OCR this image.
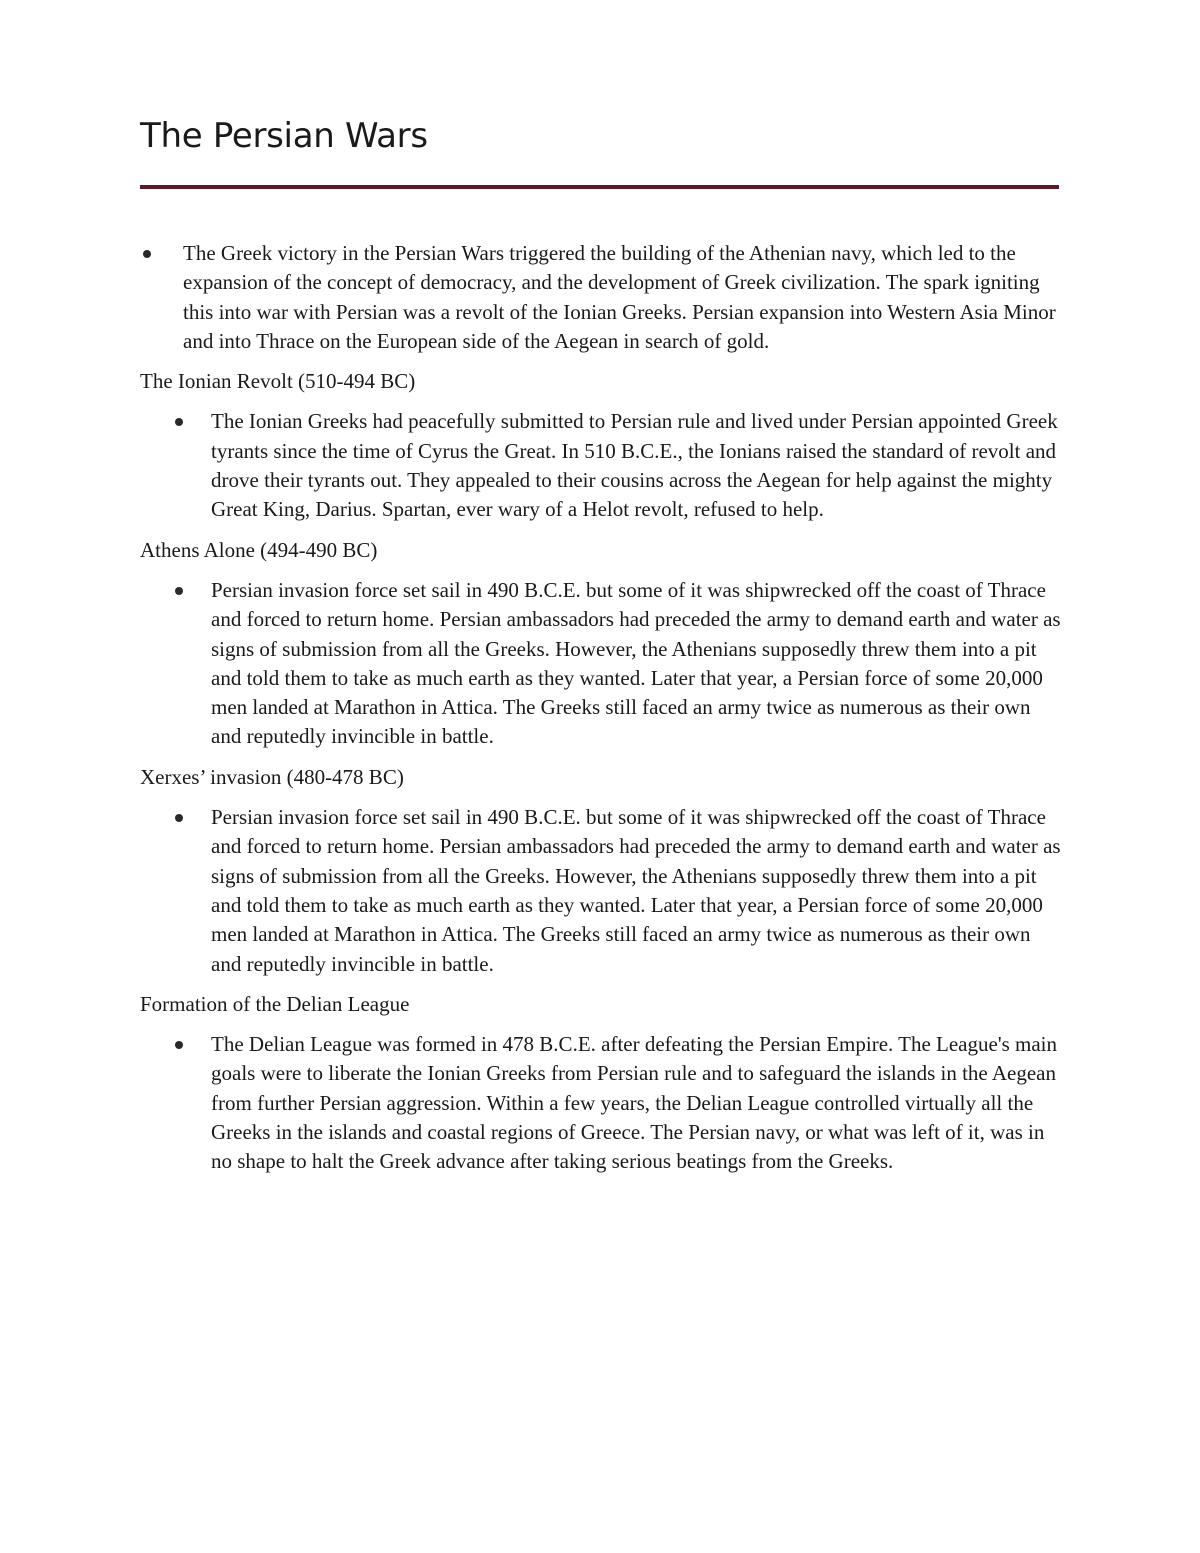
The Persian Wars
The Greek victory in the Persian Wars triggered the building of the Athenian navy, which led to the expansion of the concept of democracy, and the development of Greek civilization. The spark igniting this into war with Persian was a revolt of the Ionian Greeks. Persian expansion into Western Asia Minor and into Thrace on the European side of the Aegean in search of gold.

The Ionian Revolt (510-494 BC)

The Ionian Greeks had peacefully submitted to Persian rule and lived under Persian appointed Greek tyrants since the time of Cyrus the Great. In 510 B.C.E., the Ionians raised the standard of revolt and drove their tyrants out. They appealed to their cousins across the Aegean for help against the mighty Great King, Darius. Spartan, ever wary of a Helot revolt, refused to help.

Athens Alone (494-490 BC)

Persian invasion force set sail in 490 B.C.E. but some of it was shipwrecked off the coast of Thrace and forced to return home. Persian ambassadors had preceded the army to demand earth and water as signs of submission from all the Greeks. However, the Athenians supposedly threw them into a pit and told them to take as much earth as they wanted. Later that year, a Persian force of some 20,000 men landed at Marathon in Attica. The Greeks still faced an army twice as numerous as their own and reputedly invincible in battle.

Xerxes’ invasion (480-478 BC)

Persian invasion force set sail in 490 B.C.E. but some of it was shipwrecked off the coast of Thrace and forced to return home. Persian ambassadors had preceded the army to demand earth and water as signs of submission from all the Greeks. However, the Athenians supposedly threw them into a pit and told them to take as much earth as they wanted. Later that year, a Persian force of some 20,000 men landed at Marathon in Attica. The Greeks still faced an army twice as numerous as their own and reputedly invincible in battle.

Formation of the Delian League

The Delian League was formed in 478 B.C.E. after defeating the Persian Empire. The League's main goals were to liberate the Ionian Greeks from Persian rule and to safeguard the islands in the Aegean from further Persian aggression. Within a few years, the Delian League controlled virtually all the Greeks in the islands and coastal regions of Greece. The Persian navy, or what was left of it, was in no shape to halt the Greek advance after taking serious beatings from the Greeks.
